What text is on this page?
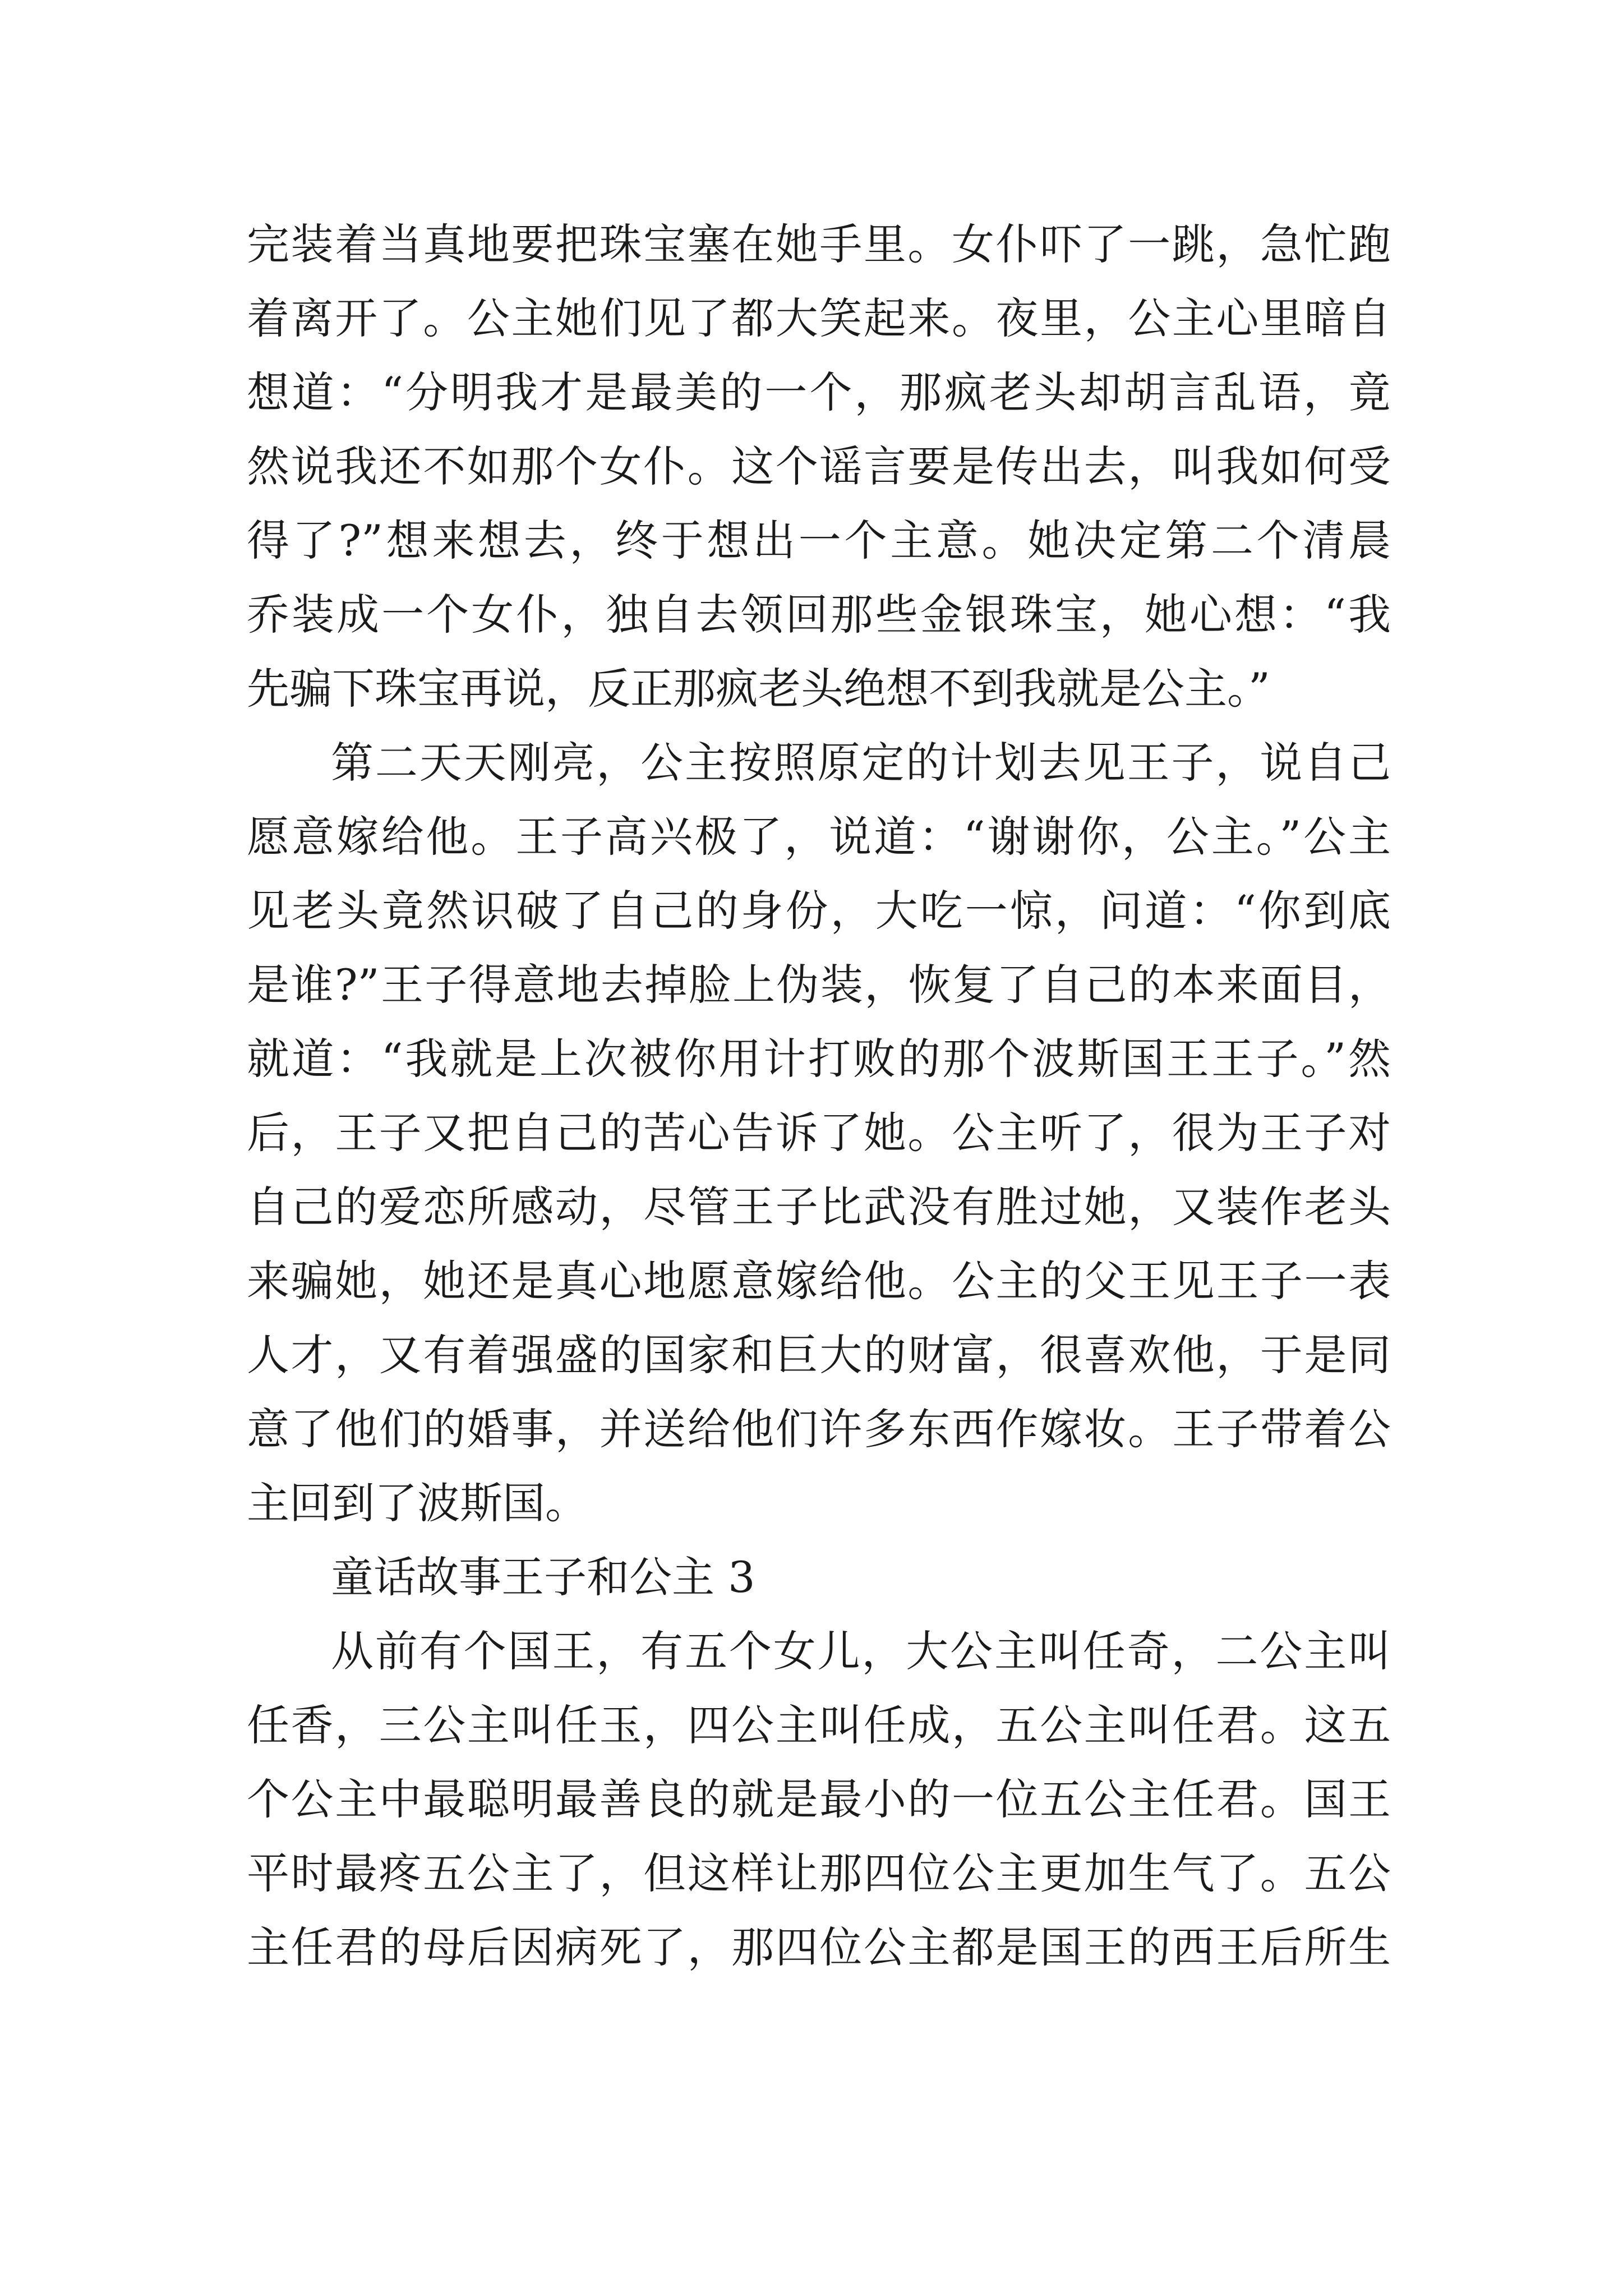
完装着当真地要把珠宝塞在她手里。女仆吓了一跳，急忙跑
着离开了。公主她们见了都大笑起来。夜里，公主心里暗自
想道：“分明我才是最美的一个，那疯老头却胡言乱语，竟
然说我还不如那个女仆。这个谣言要是传出去，叫我如何受
得了?”想来想去，终于想出一个主意。她决定第二个清晨
乔装成一个女仆，独自去领回那些金银珠宝，她心想：“我
先骗下珠宝再说，反正那疯老头绝想不到我就是公主。”
第二天天刚亮，公主按照原定的计划去见王子，说自己
愿意嫁给他。王子高兴极了，说道：“谢谢你，公主。”公主
见老头竟然识破了自己的身份，大吃一惊，问道：“你到底
是谁?”王子得意地去掉脸上伪装，恢复了自己的本来面目，
就道：“我就是上次被你用计打败的那个波斯国王王子。”然
后，王子又把自己的苦心告诉了她。公主听了，很为王子对
自己的爱恋所感动，尽管王子比武没有胜过她，又装作老头
来骗她，她还是真心地愿意嫁给他。公主的父王见王子一表
人才，又有着强盛的国家和巨大的财富，很喜欢他，于是同
意了他们的婚事，并送给他们许多东西作嫁妆。王子带着公
主回到了波斯国。
童话故事王子和公主 3
从前有个国王，有五个女儿，大公主叫任奇，二公主叫
任香，三公主叫任玉，四公主叫任成，五公主叫任君。这五
个公主中最聪明最善良的就是最小的一位五公主任君。国王
平时最疼五公主了，但这样让那四位公主更加生气了。五公
主任君的母后因病死了，那四位公主都是国王的西王后所生
